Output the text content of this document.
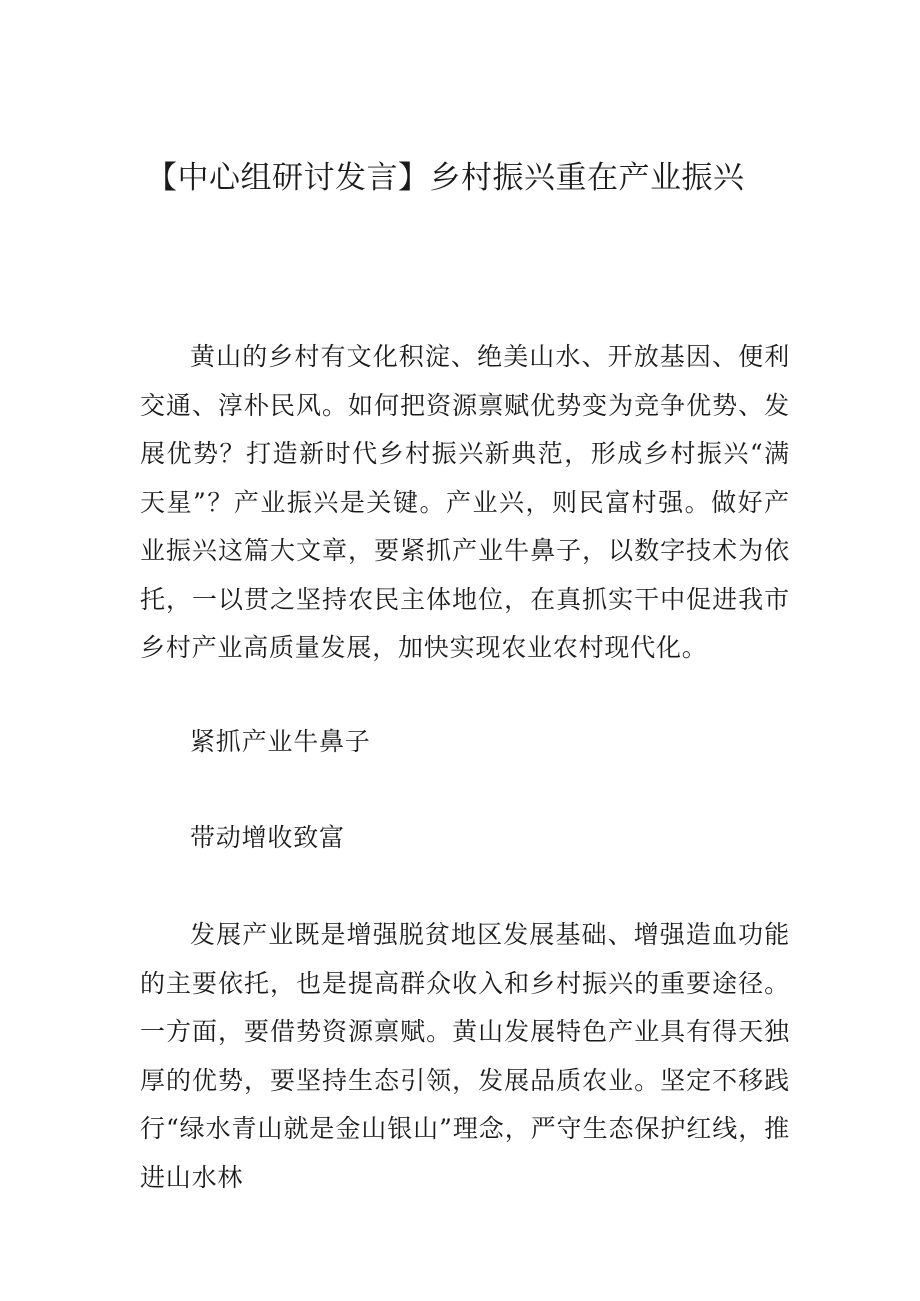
【中心组研讨发言】乡村振兴重在产业振兴

黄山的乡村有文化积淀、绝美山水、开放基因、便利交通、淳朴民风。如何把资源禀赋优势变为竞争优势、发展优势？打造新时代乡村振兴新典范，形成乡村振兴“满天星”？产业振兴是关键。产业兴，则民富村强。做好产业振兴这篇大文章，要紧抓产业牛鼻子，以数字技术为依托，一以贯之坚持农民主体地位，在真抓实干中促进我市乡村产业高质量发展，加快实现农业农村现代化。

紧抓产业牛鼻子

带动增收致富

发展产业既是增强脱贫地区发展基础、增强造血功能的主要依托，也是提高群众收入和乡村振兴的重要途径。一方面，要借势资源禀赋。黄山发展特色产业具有得天独厚的优势，要坚持生态引领，发展品质农业。坚定不移践行“绿水青山就是金山银山”理念，严守生态保护红线，推进山水林
